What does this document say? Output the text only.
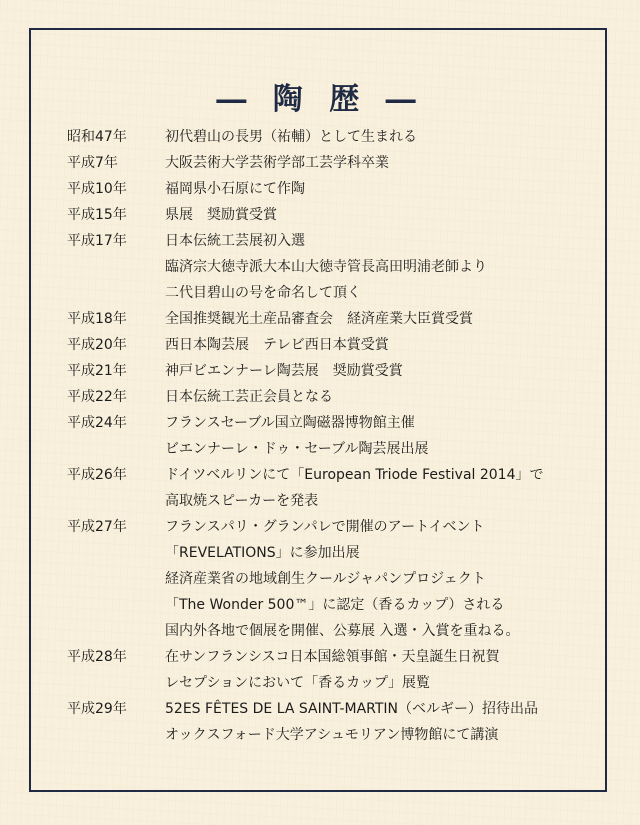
― 陶 歴 ―
昭和47年	初代碧山の長男（祐輔）として生まれる
平成7年	大阪芸術大学芸術学部工芸学科卒業
平成10年	福岡県小石原にて作陶
平成15年	県展　奨励賞受賞
平成17年	日本伝統工芸展初入選
臨済宗大徳寺派大本山大徳寺管長高田明浦老師より
二代目碧山の号を命名して頂く
平成18年	全国推奨観光土産品審査会　経済産業大臣賞受賞
平成20年	西日本陶芸展　テレビ西日本賞受賞
平成21年	神戸ビエンナーレ陶芸展　奨励賞受賞
平成22年	日本伝統工芸正会員となる
平成24年	フランスセーブル国立陶磁器博物館主催
ビエンナーレ・ドゥ・セーブル陶芸展出展
平成26年	ドイツベルリンにて「European Triode Festival 2014」で
高取焼スピーカーを発表
平成27年	フランスパリ・グランパレで開催のアートイベント
「REVELATIONS」に参加出展
経済産業省の地域創生クールジャパンプロジェクト
「The Wonder 500™」に認定（香るカップ）される
国内外各地で個展を開催、公募展 入選・入賞を重ねる。
平成28年	在サンフランシスコ日本国総領事館・天皇誕生日祝賀
レセプションにおいて「香るカップ」展覧
平成29年	52ES FÊTES DE LA SAINT-MARTIN（ベルギー）招待出品
オックスフォード大学アシュモリアン博物館にて講演
